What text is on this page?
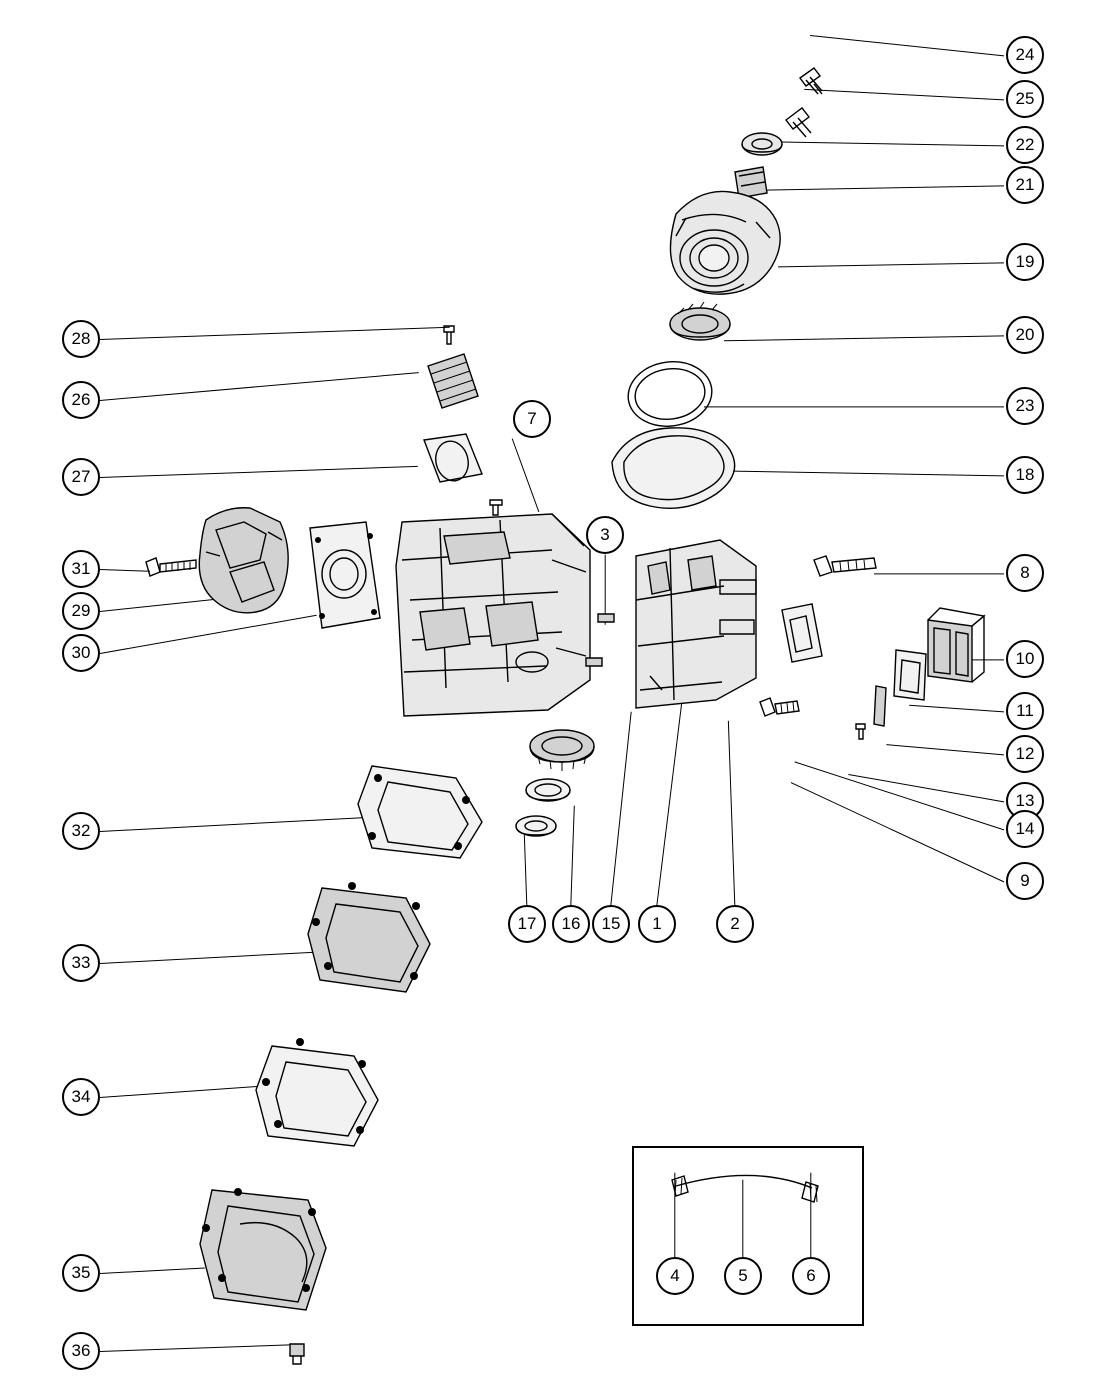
24
25
22
21
19
20
23
18
8
10
11
12
13
14
9
28
26
27
31
29
30
32
33
34
35
36
7
3
17	16	15	1	2
4	5	6
